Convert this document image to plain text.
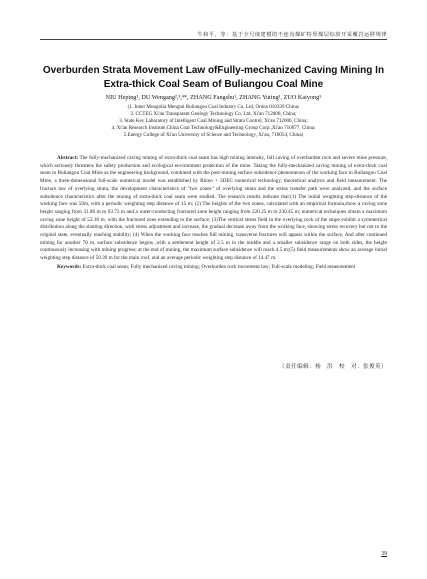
牛和平，等：基于全尺度建模的不连沟煤矿特厚煤层综放开采覆岩运移规律
Overburden Strata Movement Law ofFully-mechanized Caving Mining In
Extra-thick Coal Seam of Buliangou Coal Mine
NIU Heping¹, DU Wengang²,³,⁴*, ZHANG Fangshu¹, ZHANG Yuting¹, ZUO Kaiyong⁵
(1. Inner Mongolia Mengtai Buliangou Coal Industry Co, Ltd, Ordos 010339 China;
2. CCTEG Xi'an Transparent Geology Technology Co, Ltd, Xi'an 712000, China;
3. State Key Laboratory of Intelligent Coal Mining and Strata Control, Xi'an 712000, China;
4. Xi'an Research Institute,China Coal Technology&Engineering Group Corp.,Xi'an 710077, China;
5.Energy College of Xi'an University of Science and Technology, Xi'an, 710054, China)

Abstract: The fully-mechanized caving mining of extra-thick coal seam has high mining intensity, full caving of overburden rock and severe mine pressure, which seriously threatens the safety production and ecological environment protection of the mine. Taking the fully-mechanized caving mining of extra-thick coal seam in Buliangou Coal Mine as the engineering background, combined with the post-mining surface subsidence phenomenon of the working face in Buliangou Coal Mine, a three-dimensional full-scale numerical model was established by Rhino + 3DEC numerical technology, theoretical analysis and field measurement. The fracture law of overlying strata, the development characteristics of "two zones" of overlying strata and the stress transfer path were analyzed, and the surface subsidence characteristics after the mining of extra-thick coal seam were studied. The research results indicate that:(1) The initial weighting step-distance of the working face was 50m, with a periodic weighting step distance of 15 m; (2) The heights of the two zones, calculated with an empirical formula,show a caving zone height ranging from 31.86 m to 63.72 m and a water-conducting fractured zone height ranging from 220.25 m to 230.45 m; numerical techniques obtain a maximum caving zone height of 52.30 m, with the fractured zone extending to the surface; (3)The vertical stress field in the overlying rock of the stope exhibit a symmetrical distribution along the slanting direction, with stress adjustment and increase, the gradual decrease away from the working face, showing stress recovery but not to the original state, eventually reaching stability; (4) When the working face reaches full mining, transverse fractures will appear within the surface, And after continued mining for another 70 m, surface subsidence begins ,with a settlement height of 2.5 m in the middle and a smaller subsidence range on both sides, the height continuously increasing with mining progress; at the end of mining, the maximum surface subsidence will reach 4.5 m;(5) field measurements show an average initial weighting step distance of 50.39 m for the main roof, and an average periodic weighting step distance of 14.47 m.

Keywords: Extra-thick coal seam; Fully mechanized caving mining; Overburden rock movement law; Full-scale modeling; Field measurement

（责任编辑：杨　洪　校　对：张俊英）
39
